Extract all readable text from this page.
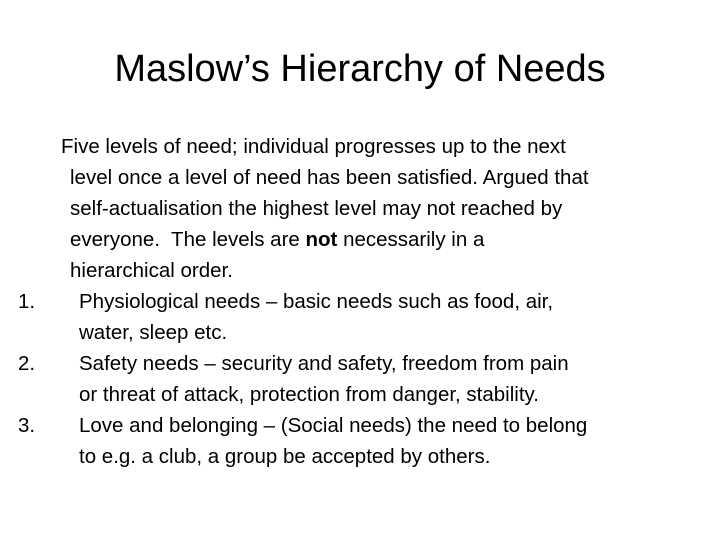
Maslow’s Hierarchy of Needs
Five levels of need; individual progresses up to the next
level once a level of need has been satisfied. Argued that
self-actualisation the highest level may not reached by
everyone.  The levels are not necessarily in a
hierarchical order.
1. Physiological needs – basic needs such as food, air,
water, sleep etc.
2. Safety needs – security and safety, freedom from pain
or threat of attack, protection from danger, stability.
3. Love and belonging – (Social needs) the need to belong
to e.g. a club, a group be accepted by others.
